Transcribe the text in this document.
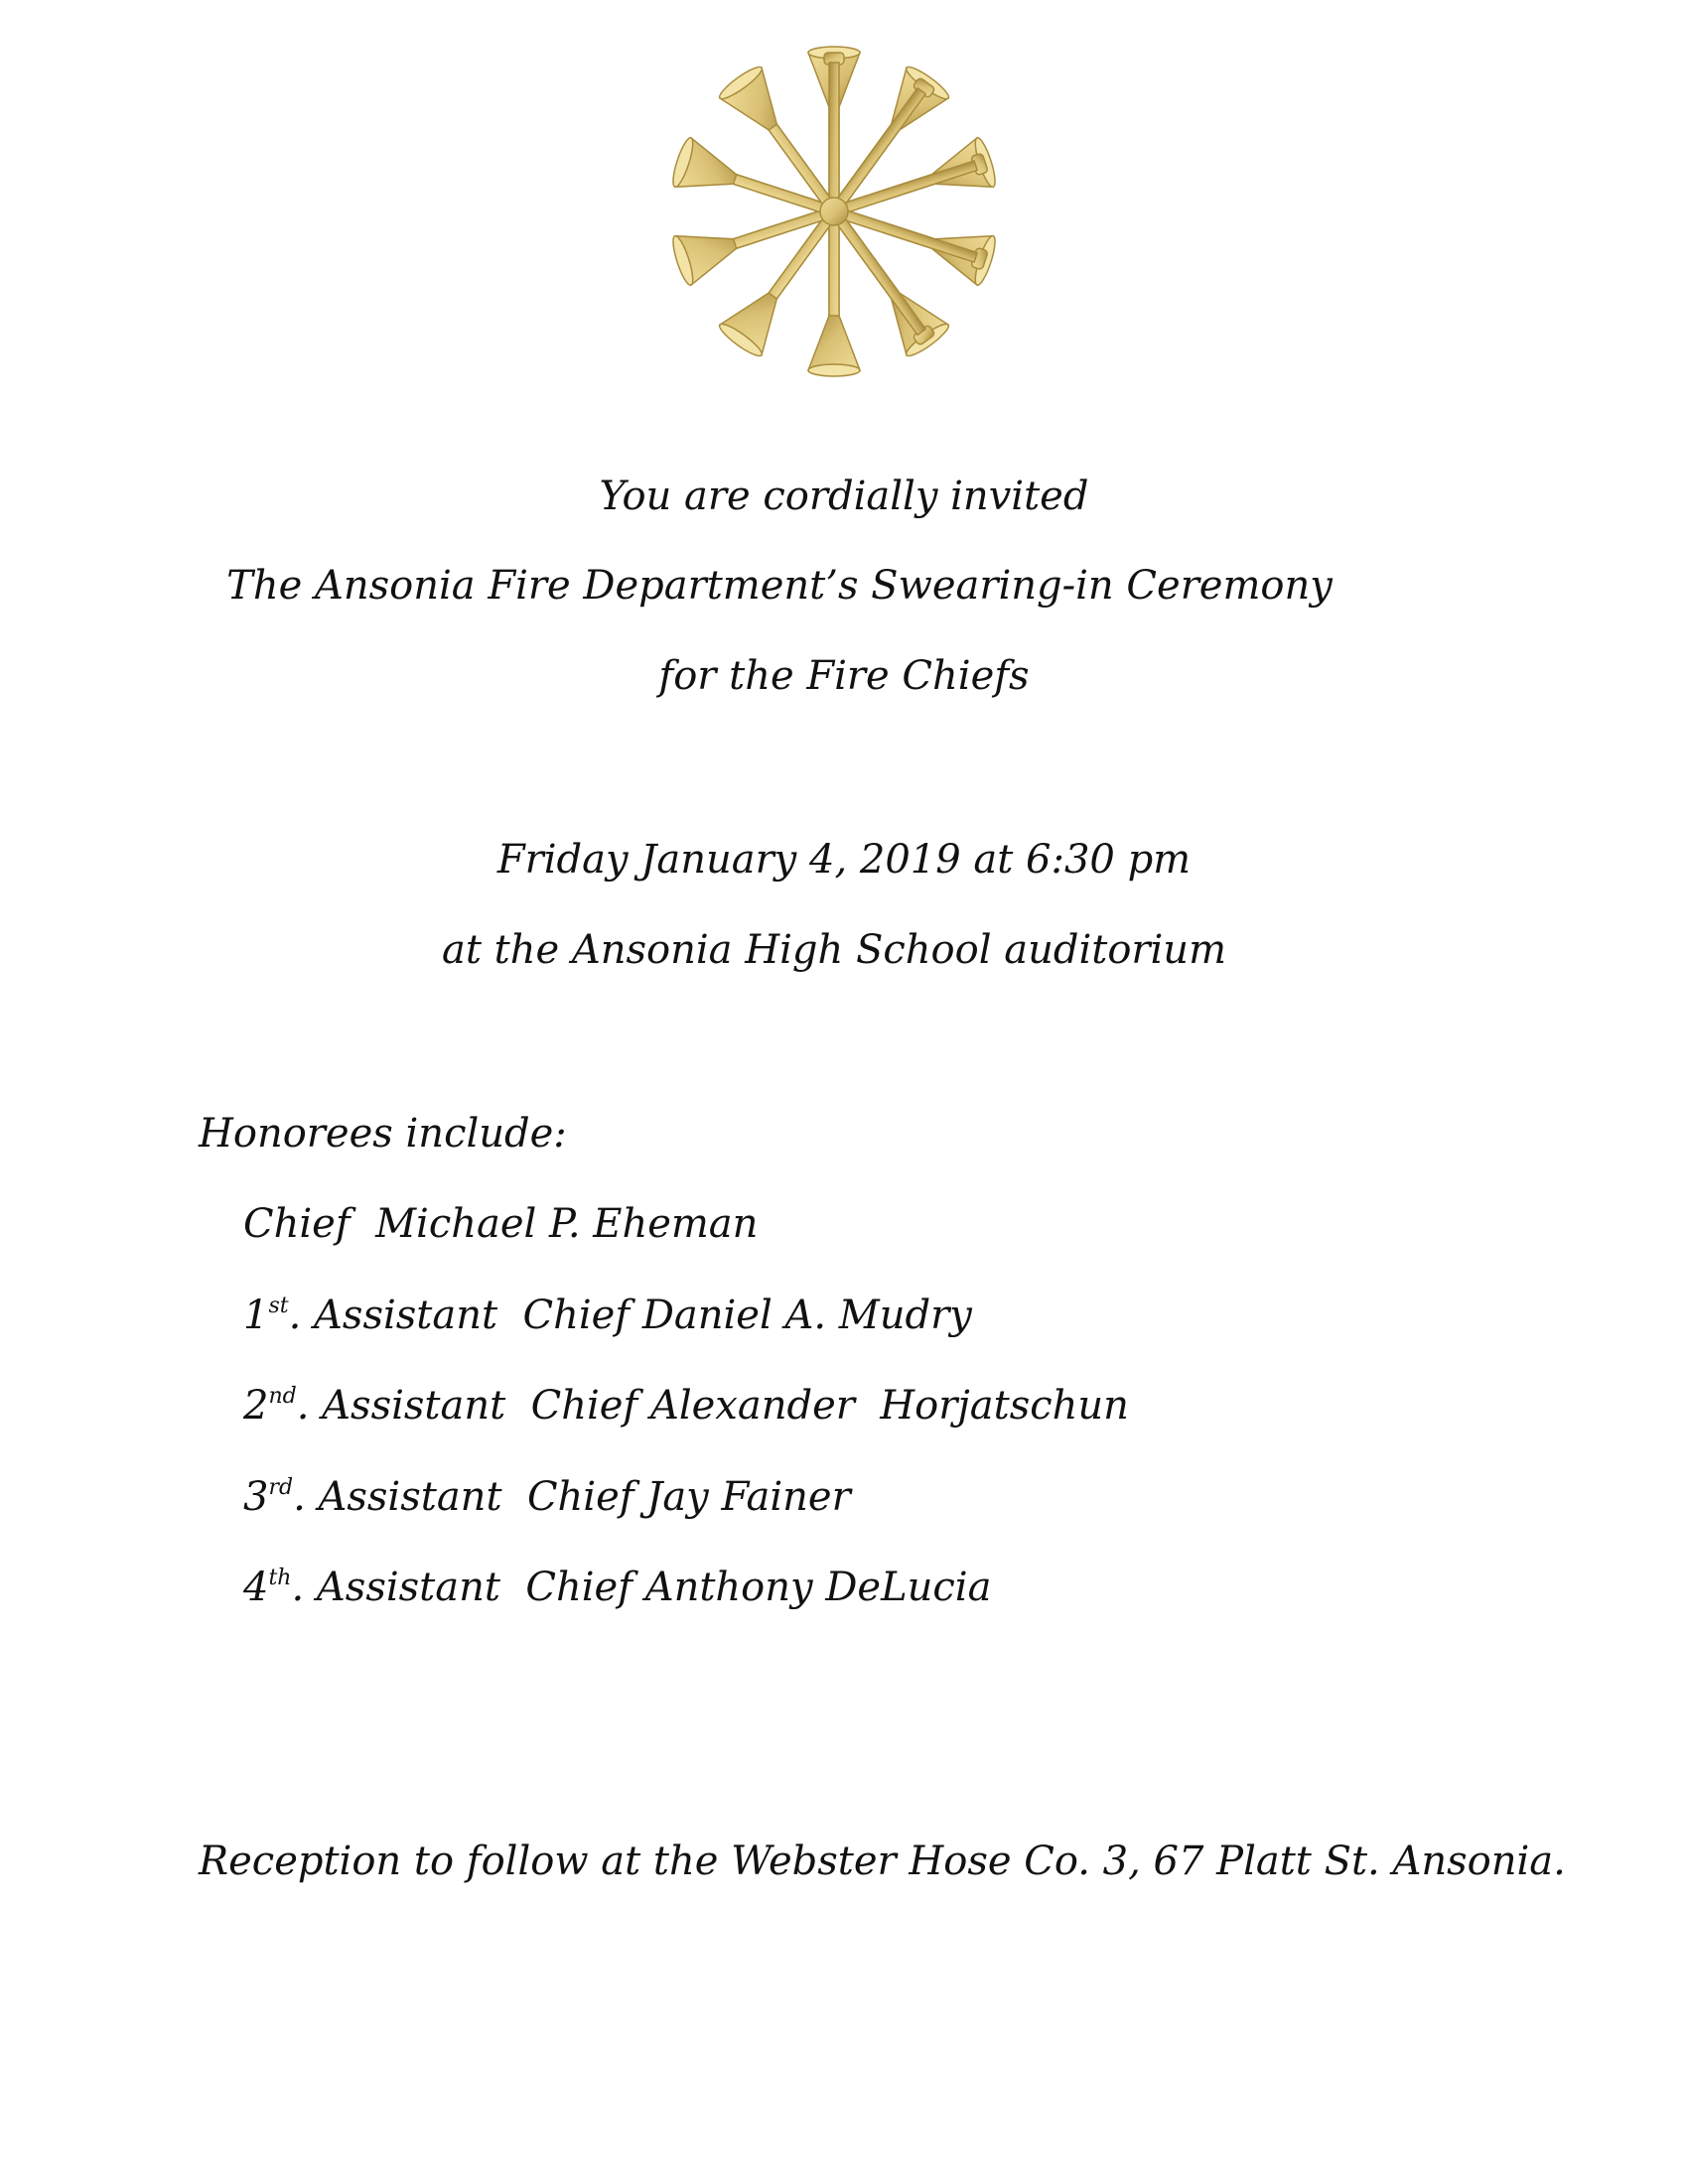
You are cordially invited
The Ansonia Fire Department’s Swearing-in Ceremony
for the Fire Chiefs
Friday January 4, 2019 at 6:30 pm
at the Ansonia High School auditorium
Honorees include:
Chief  Michael P. Eheman
1st. Assistant  Chief Daniel A. Mudry
2nd. Assistant  Chief Alexander  Horjatschun
3rd. Assistant  Chief Jay Fainer
4th. Assistant  Chief Anthony DeLucia
Reception to follow at the Webster Hose Co. 3, 67 Platt St. Ansonia.
